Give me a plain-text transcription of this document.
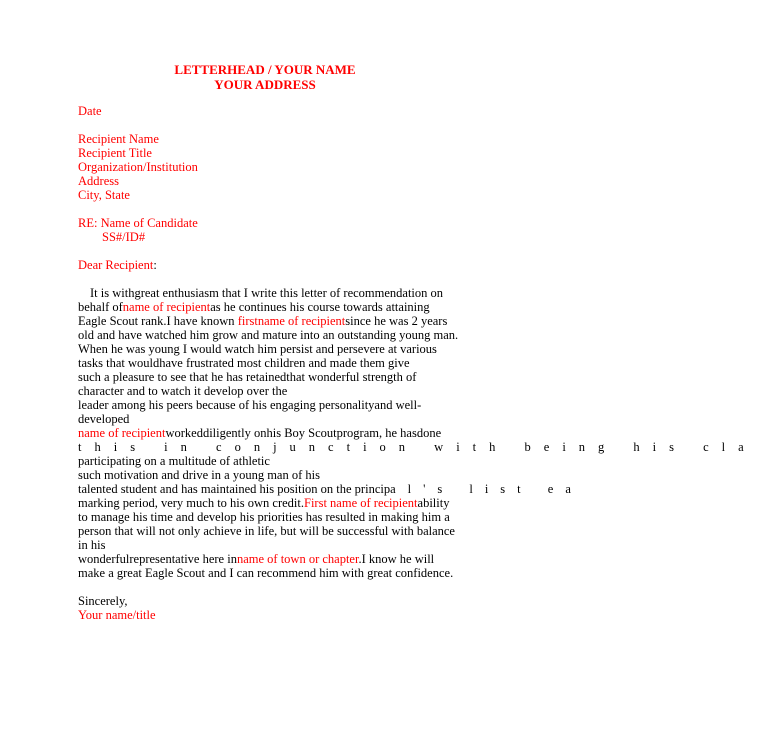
LETTERHEAD / YOUR NAME
YOUR ADDRESS
Date
Recipient Name
Recipient Title
Organization/Institution
Address
City, State
RE: Name of Candidate
SS#/ID#
Dear Recipient:
It is withgreat enthusiasm that I write this letter of recommendation on
behalf ofname of recipientas he continues his course towards attaining
Eagle Scout rank.I have known firstname of recipientsince he was 2 years
old and have watched him grow and mature into an outstanding young man.
When he was young I would watch him persist and persevere at various
tasks that wouldhave frustrated most children and made them give
such a pleasure to see that he has retainedthat wonderful strength of
character and to watch it develop over the
leader among his peers because of his engaging personalityand well-
developed
name of recipientworkeddiligently onhis Boy Scoutprogram, he hasdone
this in conjunction with being his cla
participating on a multitude of athletic
such motivation and drive in a young man of his
talented student and has maintained his position on the principal's list ea
marking period, very much to his own credit.First name of recipientability
to manage his time and develop his priorities has resulted in making him a
person that will not only achieve in life, but will be successful with balance
in his
wonderfulrepresentative here inname of town or chapter.I know he will
make a great Eagle Scout and I can recommend him with great confidence.
Sincerely,
Your name/title
